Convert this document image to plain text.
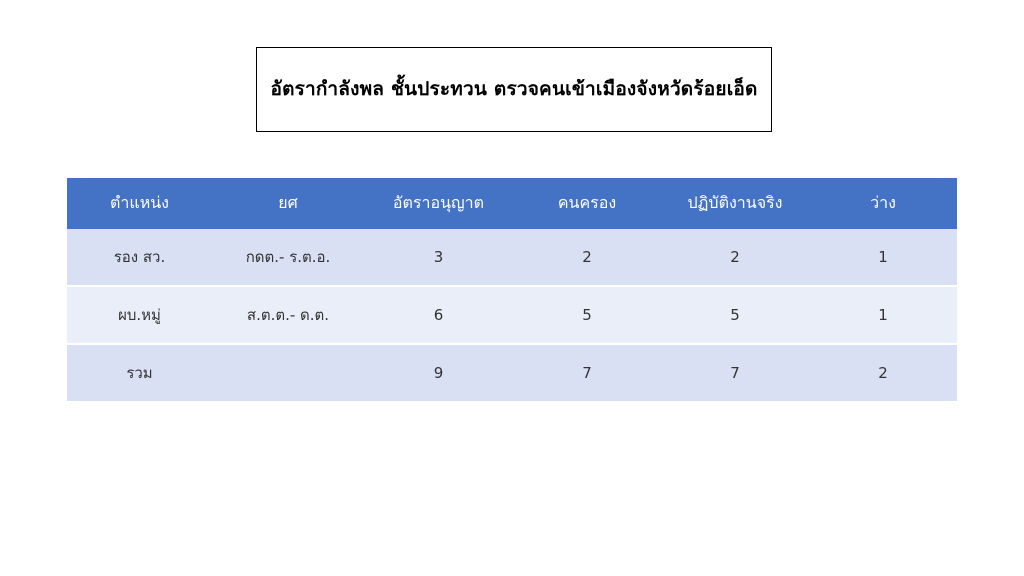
อัตรากำลังพล ชั้นประทวน ตรวจคนเข้าเมืองจังหวัดร้อยเอ็ด
ตำแหน่ง	ยศ	อัตราอนุญาต	คนครอง	ปฏิบัติงานจริง	ว่าง
รอง สว.	กดต.- ร.ต.อ.	3	2	2	1
ผบ.หมู่	ส.ต.ต.- ด.ต.	6	5	5	1
รวม		9	7	7	2
